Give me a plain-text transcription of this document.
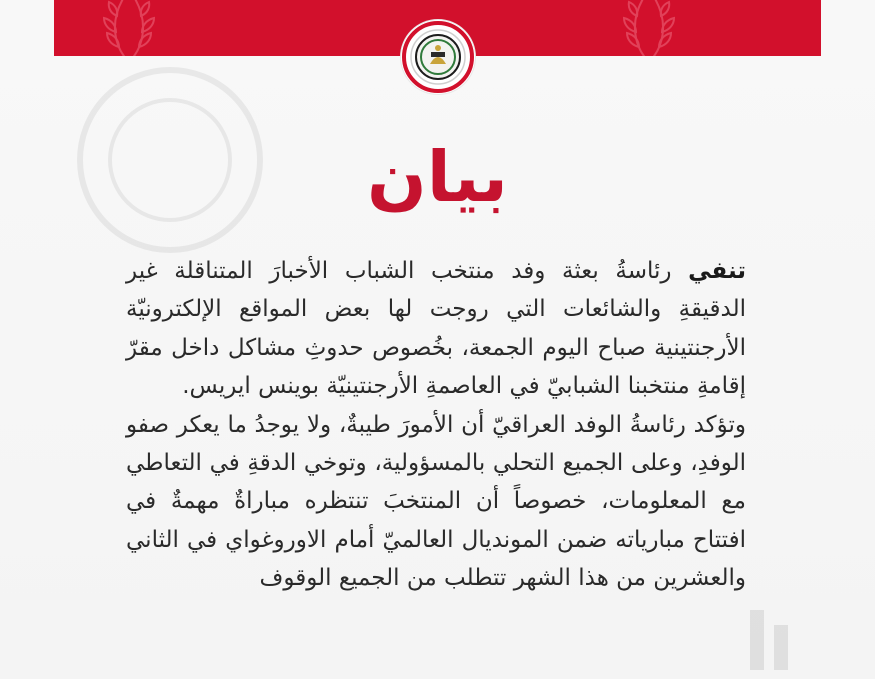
بيان

تنفي رئاسةُ بعثة وفد منتخب الشباب الأخبارَ المتناقلة غير الدقيقةِ والشائعات التي روجت لها بعض المواقع الإلكترونيّة الأرجنتينية صباح اليوم الجمعة، بخُصوص حدوثِ مشاكل داخل مقرّ إقامةِ منتخبنا الشبابيّ في العاصمةِ الأرجنتينيّة بوينس ايريس.

وتؤكد رئاسةُ الوفد العراقيّ أن الأمورَ طيبةٌ، ولا يوجدُ ما يعكر صفو الوفدِ، وعلى الجميع التحلي بالمسؤولية، وتوخي الدقةِ في التعاطي مع المعلومات، خصوصاً أن المنتخبَ تنتظره مباراةٌ مهمةٌ في افتتاح مبارياته ضمن المونديال العالميّ أمام الاوروغواي في الثاني والعشرين من هذا الشهر تتطلب من الجميع الوقوف
